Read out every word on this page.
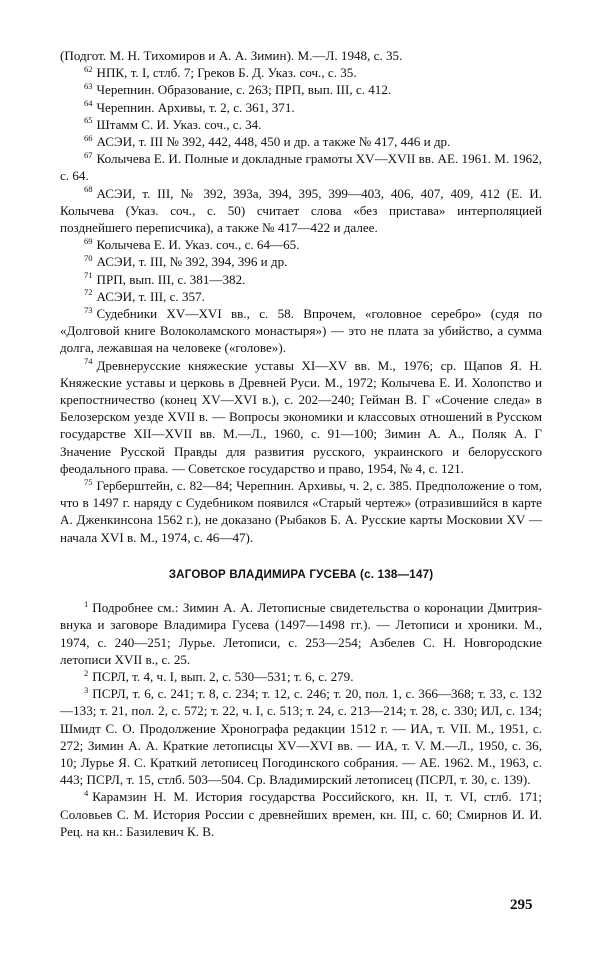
(Подгот. М. Н. Тихомиров и А. А. Зимин). М.—Л. 1948, с. 35.

$^{62}$ НПК, т. I, стлб. 7; Греков Б. Д. Указ. соч., с. 35.

$^{63}$ Черепнин. Образование, с. 263; ПРП, вып. III, с. 412.

$^{64}$ Черепнин. Архивы, т. 2, с. 361, 371.

$^{65}$ Штамм С. И. Указ. соч., с. 34.

$^{66}$ АСЭИ, т. III № 392, 442, 448, 450 и др. а также № 417, 446 и др.

$^{67}$ Колычева Е. И. Полные и докладные грамоты XV—XVII вв. АЕ. 1961. М. 1962, с. 64.

$^{68}$ АСЭИ, т. III, № 392, 393а, 394, 395, 399—403, 406, 407, 409, 412 (Е. И. Колычева (Указ. соч., с. 50) считает слова «без пристава» интерполяцией позднейшего переписчика), а также № 417—422 и далее.

$^{69}$ Колычева Е. И. Указ. соч., с. 64—65.

$^{70}$ АСЭИ, т. III, № 392, 394, 396 и др.

$^{71}$ ПРП, вып. III, с. 381—382.

$^{72}$ АСЭИ, т. III, с. 357.

$^{73}$ Судебники XV—XVI вв., с. 58. Впрочем, «головное серебро» (судя по «Долговой книге Волоколамского монастыря») — это не плата за убийство, а сумма долга, лежавшая на человеке («голове»).

$^{74}$ Древнерусские княжеские уставы XI—XV вв. М., 1976; ср. Щапов Я. Н. Княжеские уставы и церковь в Древней Руси. М., 1972; Колычева Е. И. Холопство и крепостничество (конец XV—XVI в.), с. 202—240; Гейман В. Г «Сочение следа» в Белозерском уезде XVII в. — Вопросы экономики и классовых отношений в Русском государстве XII—XVII вв. М.—Л., 1960, с. 91—100; Зимин А. А., Поляк А. Г Значение Русской Правды для развития русского, украинского и белорусского феодального права. — Советское государство и право, 1954, № 4, с. 121.

$^{75}$ Герберштейн, с. 82—84; Черепнин. Архивы, ч. 2, с. 385. Предположение о том, что в 1497 г. наряду с Судебником появился «Старый чертеж» (отразившийся в карте А. Дженкинсона 1562 г.), не доказано (Рыбаков Б. А. Русские карты Московии XV — начала XVI в. М., 1974, с. 46—47).

ЗАГОВОР ВЛАДИМИРА ГУСЕВА (с. 138—147)

$^1$ Подробнее см.: Зимин А. А. Летописные свидетельства о коронации Дмитрия-внука и заговоре Владимира Гусева (1497—1498 гг.). — Летописи и хроники. М., 1974, с. 240—251; Лурье. Летописи, с. 253—254; Азбелев С. Н. Новгородские летописи XVII в., с. 25.

$^2$ ПСРЛ, т. 4, ч. I, вып. 2, с. 530—531; т. 6, с. 279.

$^3$ ПСРЛ, т. 6, с. 241; т. 8, с. 234; т. 12, с. 246; т. 20, пол. 1, с. 366—368; т. 33, с. 132—133; т. 21, пол. 2, с. 572; т. 22, ч. I, с. 513; т. 24, с. 213—214; т. 28, с. 330; ИЛ, с. 134; Шмидт С. О. Продолжение Хронографа редакции 1512 г. — ИА, т. VII. М., 1951, с. 272; Зимин А. А. Краткие летописцы XV—XVI вв. — ИА, т. V. М.—Л., 1950, с. 36, 10; Лурье Я. С. Краткий летописец Погодинского собрания. — АЕ. 1962. М., 1963, с. 443; ПСРЛ, т. 15, стлб. 503—504. Ср. Владимирский летописец (ПСРЛ, т. 30, с. 139).

$^4$ Карамзин Н. М. История государства Российского, кн. II, т. VI, стлб. 171; Соловьев С. М. История России с древнейших времен, кн. III, с. 60; Смирнов И. И. Рец. на кн.: Базилевич К. В.

295
